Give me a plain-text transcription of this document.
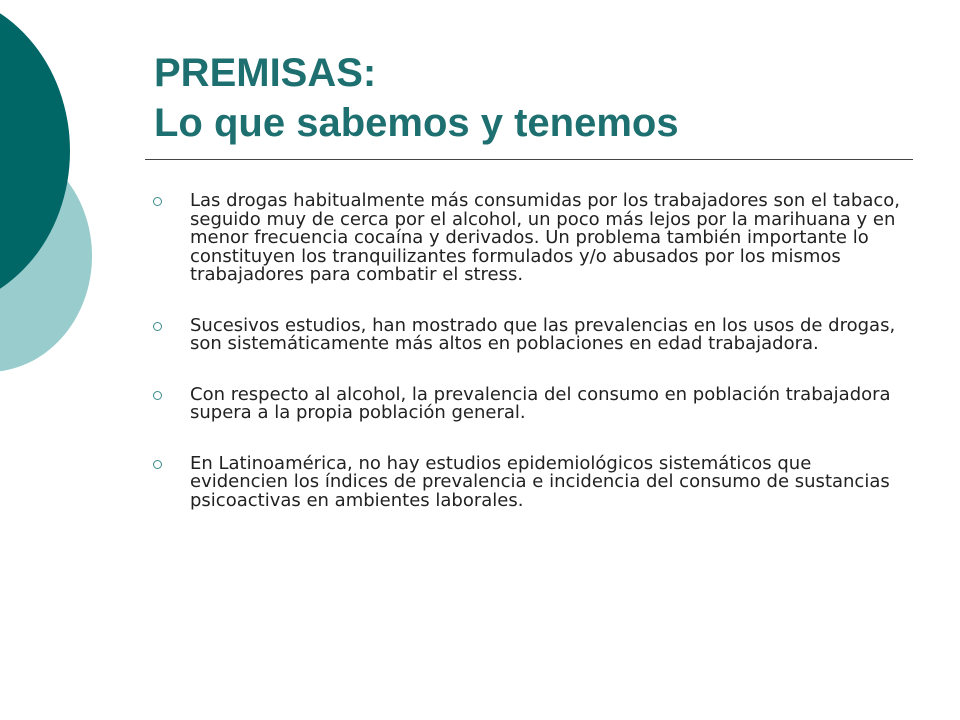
PREMISAS:
Lo que sabemos y tenemos
Las drogas habitualmente más consumidas por los trabajadores son el tabaco, seguido muy de cerca por el alcohol, un poco más lejos por la marihuana y en menor frecuencia cocaína y derivados. Un problema también importante lo constituyen los tranquilizantes formulados y/o abusados por los mismos trabajadores para combatir el stress.
Sucesivos estudios, han mostrado que las prevalencias en los usos de drogas, son sistemáticamente más altos en poblaciones en edad trabajadora.
Con respecto al alcohol, la prevalencia del consumo en población trabajadora supera a la propia población general.
En Latinoamérica, no hay estudios epidemiológicos sistemáticos que evidencien los índices de prevalencia e incidencia del consumo de sustancias psicoactivas en ambientes laborales.
